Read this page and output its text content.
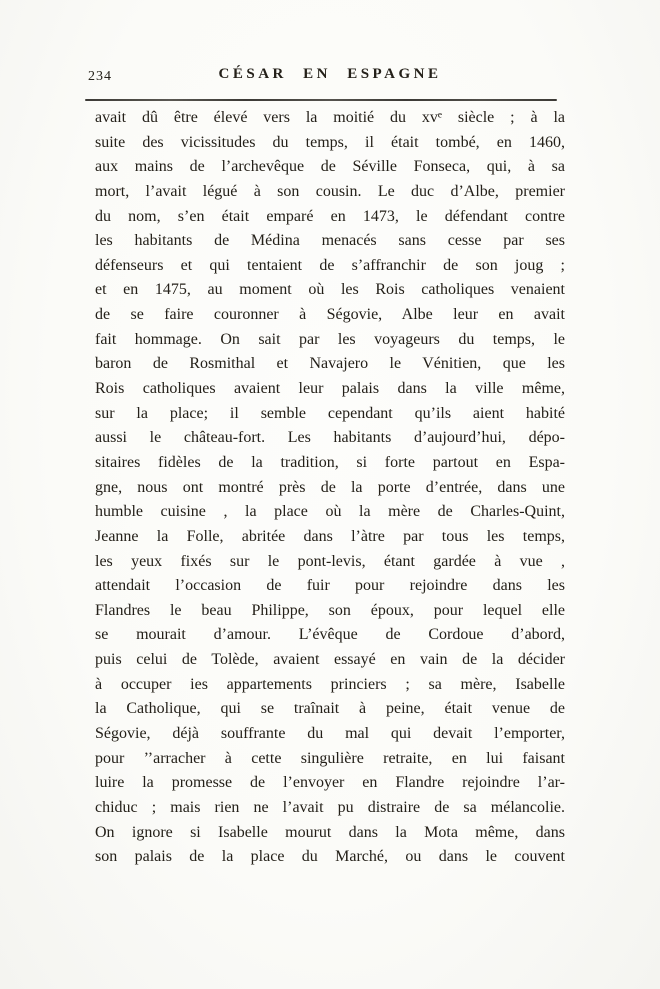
234	CÉSAR EN ESPAGNE
avait dû être élevé vers la moitié du xvᵉ siècle ; à la
suite des vicissitudes du temps, il était tombé, en 1460,
aux mains de l’archevêque de Séville Fonseca, qui, à sa
mort, l’avait légué à son cousin. Le duc d’Albe, premier
du nom, s’en était emparé en 1473, le défendant contre
les habitants de Médina menacés sans cesse par ses
défenseurs et qui tentaient de s’affranchir de son joug ;
et en 1475, au moment où les Rois catholiques venaient
de se faire couronner à Ségovie, Albe leur en avait
fait hommage. On sait par les voyageurs du temps, le
baron de Rosmithal et Navajero le Vénitien, que les
Rois catholiques avaient leur palais dans la ville même,
sur la place; il semble cependant qu’ils aient habité
aussi le château-fort. Les habitants d’aujourd’hui, dépo-
sitaires fidèles de la tradition, si forte partout en Espa-
gne, nous ont montré près de la porte d’entrée, dans une
humble cuisine , la place où la mère de Charles-Quint,
Jeanne la Folle, abritée dans l’àtre par tous les temps,
les yeux fixés sur le pont-levis, étant gardée à vue ,
attendait l’occasion de fuir pour rejoindre dans les
Flandres le beau Philippe, son époux, pour lequel elle
se mourait d’amour. L’évêque de Cordoue d’abord,
puis celui de Tolède, avaient essayé en vain de la décider
à occuper ies appartements princiers ; sa mère, Isabelle
la Catholique, qui se traînait à peine, était venue de
Ségovie, déjà souffrante du mal qui devait l’emporter,
pour ’’arracher à cette singulière retraite, en lui faisant
luire la promesse de l’envoyer en Flandre rejoindre l’ar-
chiduc ; mais rien ne l’avait pu distraire de sa mélancolie.
On ignore si Isabelle mourut dans la Mota même, dans
son palais de la place du Marché, ou dans le couvent
